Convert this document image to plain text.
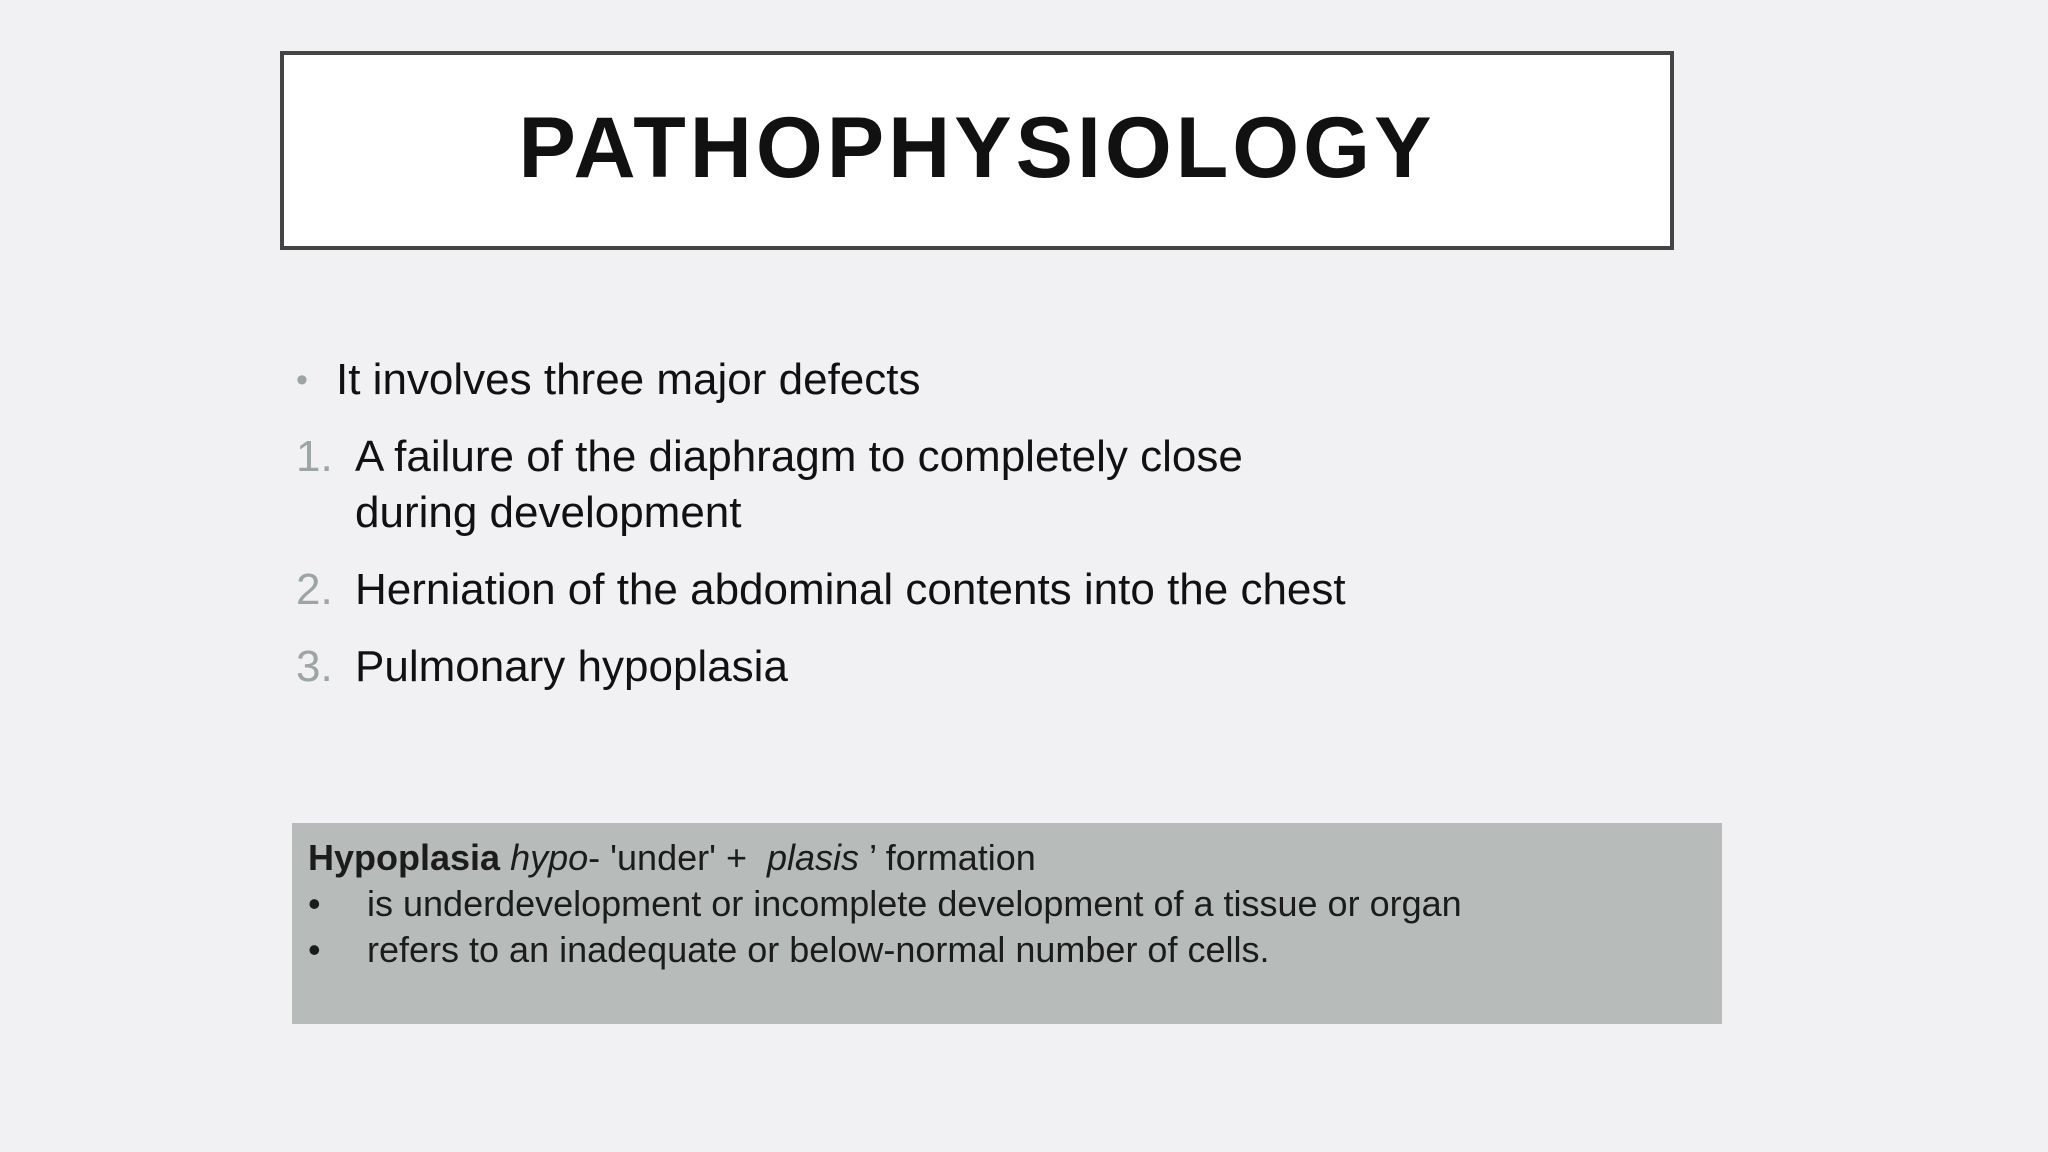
PATHOPHYSIOLOGY
• It involves three major defects
1. A failure of the diaphragm to completely close
during development
2. Herniation of the abdominal contents into the chest
3. Pulmonary hypoplasia
Hypoplasia hypo- 'under' +  plasis ’ formation
• is underdevelopment or incomplete development of a tissue or organ
• refers to an inadequate or below-normal number of cells.
